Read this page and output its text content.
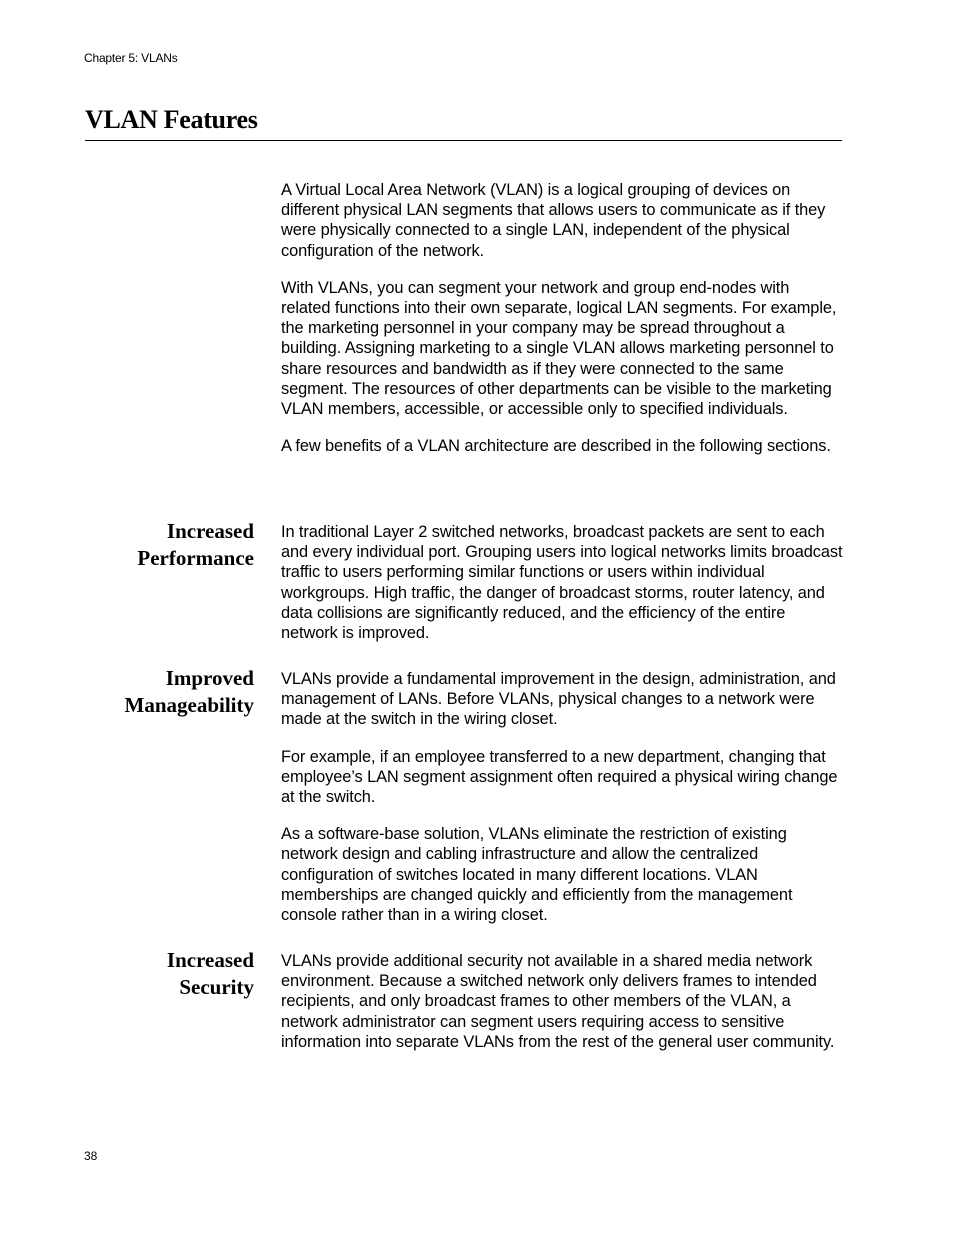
Chapter 5: VLANs
VLAN Features

A Virtual Local Area Network (VLAN) is a logical grouping of devices on different physical LAN segments that allows users to communicate as if they were physically connected to a single LAN, independent of the physical configuration of the network.

With VLANs, you can segment your network and group end-nodes with related functions into their own separate, logical LAN segments. For example, the marketing personnel in your company may be spread throughout a building. Assigning marketing to a single VLAN allows marketing personnel to share resources and bandwidth as if they were connected to the same segment. The resources of other departments can be visible to the marketing VLAN members, accessible, or accessible only to specified individuals.

A few benefits of a VLAN architecture are described in the following sections.

Increased
Performance

In traditional Layer 2 switched networks, broadcast packets are sent to each and every individual port. Grouping users into logical networks limits broadcast traffic to users performing similar functions or users within individual workgroups. High traffic, the danger of broadcast storms, router latency, and data collisions are significantly reduced, and the efficiency of the entire network is improved.

Improved
Manageability

VLANs provide a fundamental improvement in the design, administration, and management of LANs. Before VLANs, physical changes to a network were made at the switch in the wiring closet.

For example, if an employee transferred to a new department, changing that employee’s LAN segment assignment often required a physical wiring change at the switch.

As a software-base solution, VLANs eliminate the restriction of existing network design and cabling infrastructure and allow the centralized configuration of switches located in many different locations. VLAN memberships are changed quickly and efficiently from the management console rather than in a wiring closet.

Increased
Security

VLANs provide additional security not available in a shared media network environment. Because a switched network only delivers frames to intended recipients, and only broadcast frames to other members of the VLAN, a network administrator can segment users requiring access to sensitive information into separate VLANs from the rest of the general user community.

38
